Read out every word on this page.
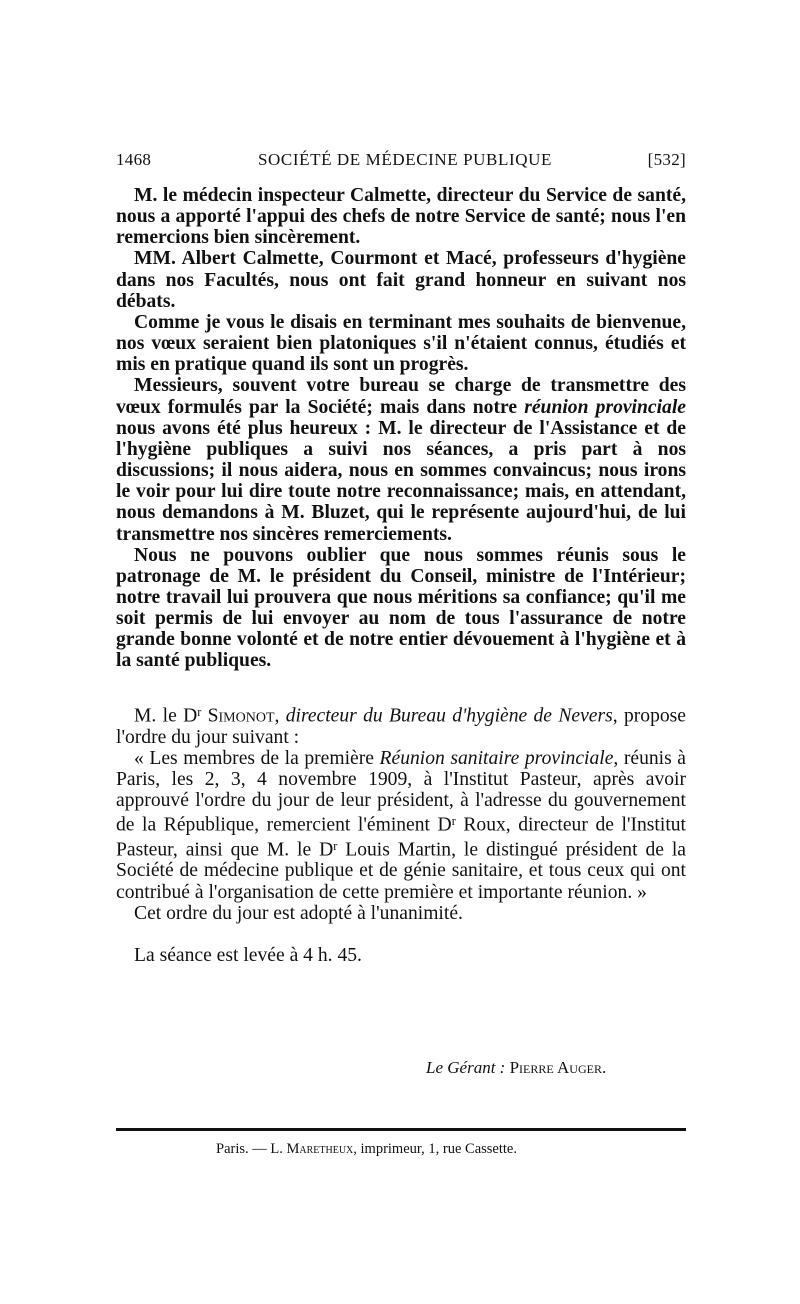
1468	SOCIÉTÉ DE MÉDECINE PUBLIQUE	[532]

M. le médecin inspecteur Calmette, directeur du Service de santé, nous a apporté l'appui des chefs de notre Service de santé; nous l'en remercions bien sincèrement.

MM. Albert Calmette, Courmont et Macé, professeurs d'hygiène dans nos Facultés, nous ont fait grand honneur en suivant nos débats.

Comme je vous le disais en terminant mes souhaits de bienvenue, nos vœux seraient bien platoniques s'il n'étaient connus, étudiés et mis en pratique quand ils sont un progrès.

Messieurs, souvent votre bureau se charge de transmettre des vœux formulés par la Société; mais dans notre réunion provinciale nous avons été plus heureux : M. le directeur de l'Assistance et de l'hygiène publiques a suivi nos séances, a pris part à nos discussions; il nous aidera, nous en sommes convaincus; nous irons le voir pour lui dire toute notre reconnaissance; mais, en attendant, nous demandons à M. Bluzet, qui le représente aujourd'hui, de lui transmettre nos sincères remerciements.

Nous ne pouvons oublier que nous sommes réunis sous le patronage de M. le président du Conseil, ministre de l'Intérieur; notre travail lui prouvera que nous méritions sa confiance; qu'il me soit permis de lui envoyer au nom de tous l'assurance de notre grande bonne volonté et de notre entier dévouement à l'hygiène et à la santé publiques.

M. le $D^r$ Simonot, directeur du Bureau d'hygiène de Nevers, propose l'ordre du jour suivant :

« Les membres de la première Réunion sanitaire provinciale, réunis à Paris, les 2, 3, 4 novembre 1909, à l'Institut Pasteur, après avoir approuvé l'ordre du jour de leur président, à l'adresse du gouvernement de la République, remercient l'éminent $D^r$ Roux, directeur de l'Institut Pasteur, ainsi que M. le $D^r$ Louis Martin, le distingué président de la Société de médecine publique et de génie sanitaire, et tous ceux qui ont contribué à l'organisation de cette première et importante réunion. »

Cet ordre du jour est adopté à l'unanimité.

La séance est levée à 4 h. 45.

Le Gérant : Pierre Auger.
Paris. — L. Maretheux, imprimeur, 1, rue Cassette.
